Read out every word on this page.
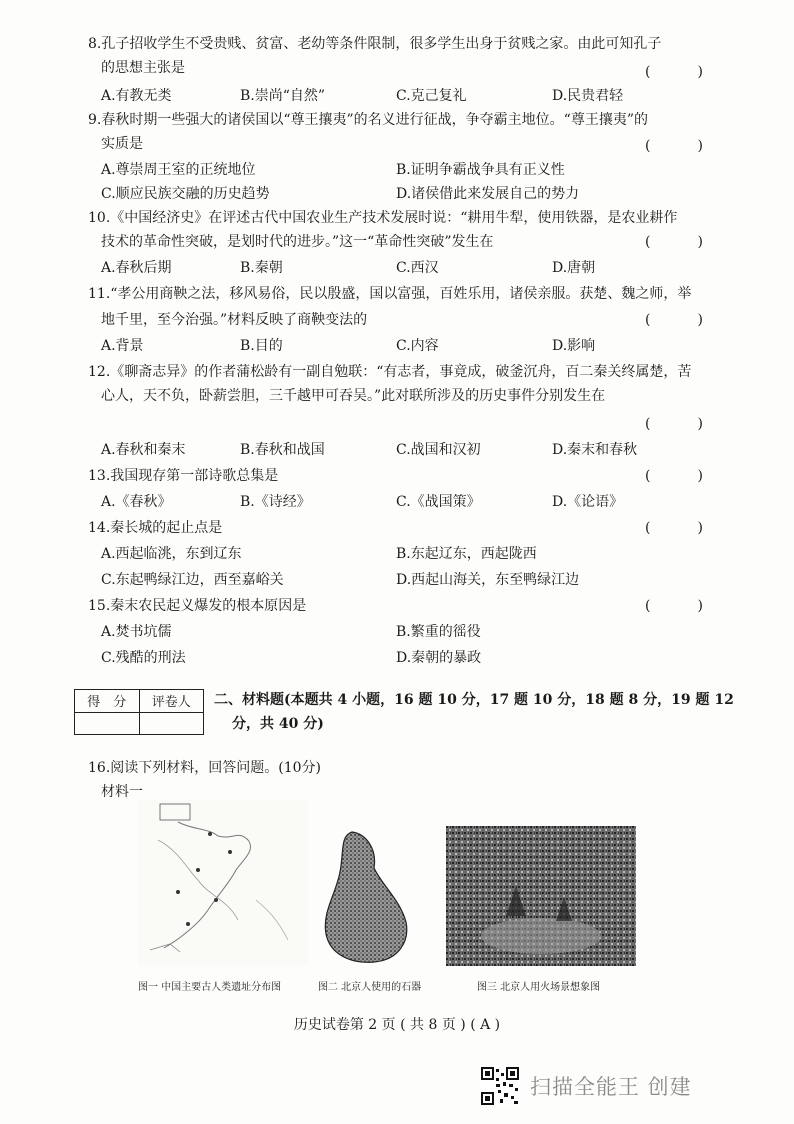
8.孔子招收学生不受贵贱、贫富、老幼等条件限制，很多学生出身于贫贱之家。由此可知孔子
的思想主张是	(	)
A.有教无类	B.崇尚“自然”	C.克己复礼	D.民贵君轻
9.春秋时期一些强大的诸侯国以“尊王攘夷”的名义进行征战，争夺霸主地位。“尊王攘夷”的
实质是	(	)
A.尊崇周王室的正统地位	B.证明争霸战争具有正义性
C.顺应民族交融的历史趋势	D.诸侯借此来发展自己的势力
10.《中国经济史》在评述古代中国农业生产技术发展时说：“耕用牛犁，使用铁器，是农业耕作
技术的革命性突破，是划时代的进步。”这一“革命性突破”发生在	(	)
A.春秋后期	B.秦朝	C.西汉	D.唐朝
11.“孝公用商鞅之法，移风易俗，民以殷盛，国以富强，百姓乐用，诸侯亲服。获楚、魏之师，举
地千里，至今治强。”材料反映了商鞅变法的	(	)
A.背景	B.目的	C.内容	D.影响
12.《聊斋志异》的作者蒲松龄有一副自勉联：“有志者，事竟成，破釜沉舟，百二秦关终属楚，苦
心人，天不负，卧薪尝胆，三千越甲可吞吴。”此对联所涉及的历史事件分别发生在
(	)
A.春秋和秦末	B.春秋和战国	C.战国和汉初	D.秦末和春秋
13.我国现存第一部诗歌总集是	(	)
A.《春秋》	B.《诗经》	C.《战国策》	D.《论语》
14.秦长城的起止点是	(	)
A.西起临洮，东到辽东	B.东起辽东，西起陇西
C.东起鸭绿江边，西至嘉峪关	D.西起山海关，东至鸭绿江边
15.秦末农民起义爆发的根本原因是	(	)
A.焚书坑儒	B.繁重的徭役
C.残酷的刑法	D.秦朝的暴政
得　分	评卷人
	二、材料题(本题共 4 小题，16 题 10 分，17 题 10 分，18 题 8 分，19 题 12
分，共 40 分)
16.阅读下列材料，回答问题。(10分)
材料一
图一 中国主要古人类遗址分布图	图二 北京人使用的石器	图三 北京人用火场景想象图
历史试卷第 2 页 ( 共 8 页 ) ( A )
扫描全能王 创建
